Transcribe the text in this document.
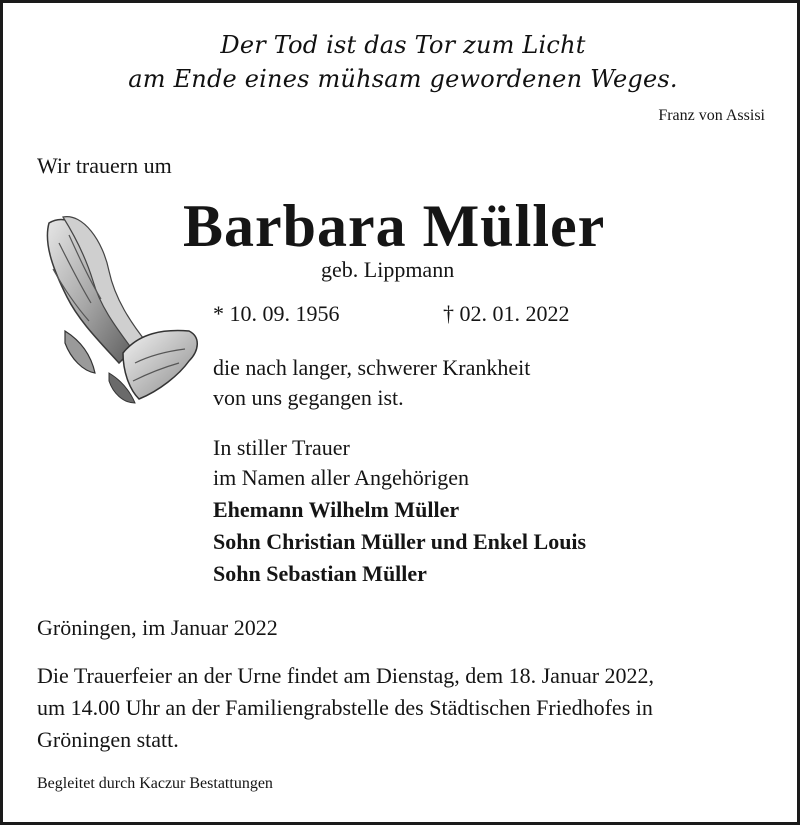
Der Tod ist das Tor zum Licht
am Ende eines mühsam gewordenen Weges.
Franz von Assisi
Wir trauern um
Barbara Müller
geb. Lippmann
* 10. 09. 1956	† 02. 01. 2022
die nach langer, schwerer Krankheit
von uns gegangen ist.
In stiller Trauer
im Namen aller Angehörigen
Ehemann Wilhelm Müller
Sohn Christian Müller und Enkel Louis
Sohn Sebastian Müller
Gröningen, im Januar 2022
Die Trauerfeier an der Urne findet am Dienstag, dem 18. Januar 2022,
um 14.00 Uhr an der Familiengrabstelle des Städtischen Friedhofes in
Gröningen statt.
Begleitet durch Kaczur Bestattungen
